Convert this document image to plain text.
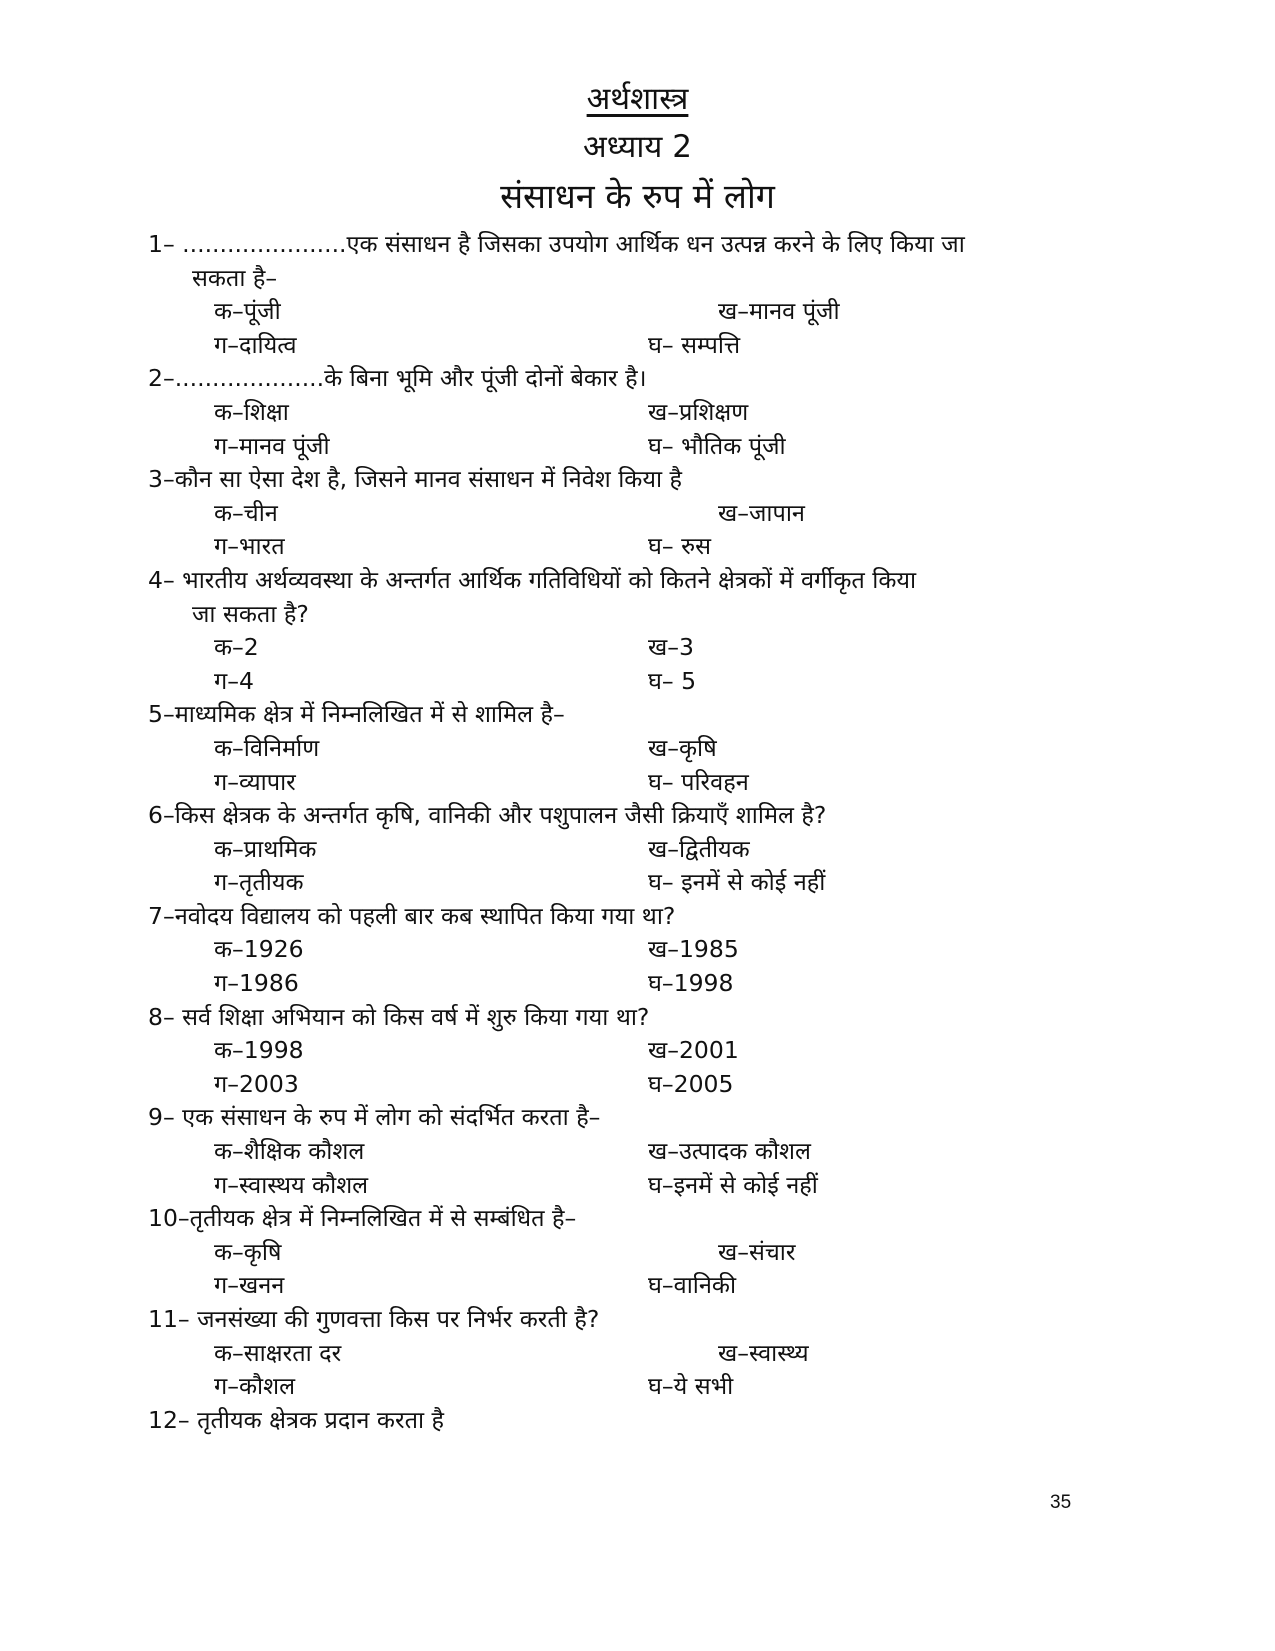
अर्थशास्त्र
अध्याय 2
संसाधन के रुप में लोग
1– ......................एक संसाधन है जिसका उपयोग आर्थिक धन उत्पन्न करने के लिए किया जा
सकता है–
क–पूंजी	ख–मानव पूंजी
ग–दायित्व	घ– सम्पत्ति
2–....................के बिना भूमि और पूंजी दोनों बेकार है।
क–शिक्षा	ख–प्रशिक्षण
ग–मानव पूंजी	घ– भौतिक पूंजी
3–कौन सा ऐसा देश है, जिसने मानव संसाधन में निवेश किया है
क–चीन	ख–जापान
ग–भारत	घ– रुस
4– भारतीय अर्थव्यवस्था के अन्तर्गत आर्थिक गतिविधियों को कितने क्षेत्रकों में वर्गीकृत किया
जा सकता है?
क–2	ख–3
ग–4	घ– 5
5–माध्यमिक क्षेत्र में निम्नलिखित में से शामिल है–
क–विनिर्माण	ख–कृषि
ग–व्यापार	घ– परिवहन
6–किस क्षेत्रक के अन्तर्गत कृषि, वानिकी और पशुपालन जैसी क्रियाएँ शामिल है?
क–प्राथमिक	ख–द्वितीयक
ग–तृतीयक	घ– इनमें से कोई नहीं
7–नवोदय विद्यालय को पहली बार कब स्थापित किया गया था?
क–1926	ख–1985
ग–1986	घ–1998
8– सर्व शिक्षा अभियान को किस वर्ष में शुरु किया गया था?
क–1998	ख–2001
ग–2003	घ–2005
9– एक संसाधन के रुप में लोग को संदर्भित करता है–
क–शैक्षिक कौशल	ख–उत्पादक कौशल
ग–स्वास्थय कौशल	घ–इनमें से कोई नहीं
10–तृतीयक क्षेत्र में निम्नलिखित में से सम्बंधित है–
क–कृषि	ख–संचार
ग–खनन	घ–वानिकी
11– जनसंख्या की गुणवत्ता किस पर निर्भर करती है?
क–साक्षरता दर	ख–स्वास्थ्य
ग–कौशल	घ–ये सभी
12– तृतीयक क्षेत्रक प्रदान करता है
35
